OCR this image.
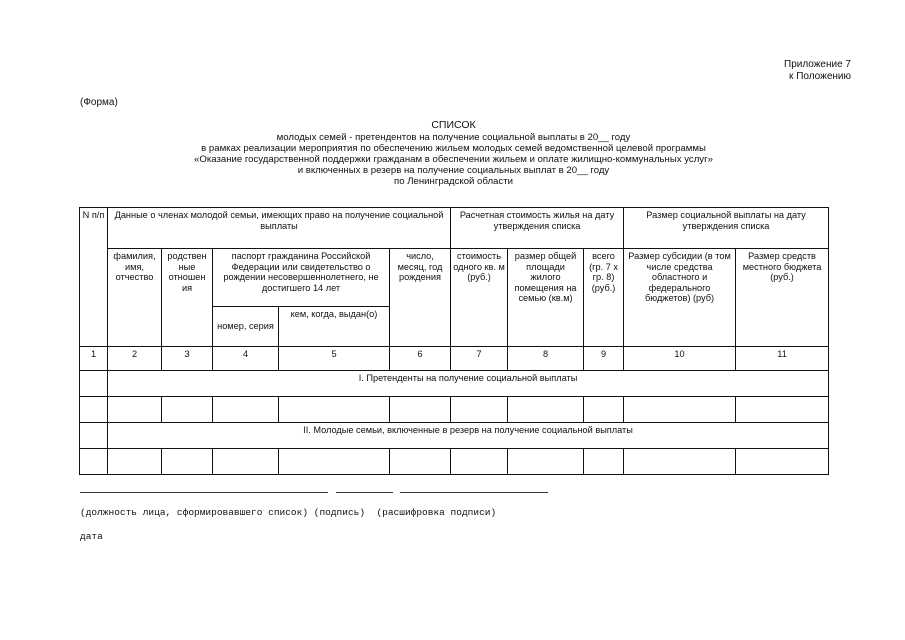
Приложение 7
к Положению
(Форма)
СПИСОК
молодых семей - претендентов на получение социальной выплаты в 20__ году
в рамках реализации мероприятия по обеспечению жильем молодых семей ведомственной целевой программы
«Оказание государственной поддержки гражданам в обеспечении жильем и оплате жилищно-коммунальных услуг»
и включенных в резерв на получение социальных выплат в 20__ году
по Ленинградской области
N п/п	Данные о членах молодой семьи, имеющих право на получение социальной выплаты					Расчетная стоимость жилья на дату утверждения списка			Размер социальной выплаты на дату утверждения списка	
	фамилия, имя, отчество	родствен ные отношен ия	паспорт гражданина Российской Федерации или свидетельство о рождении несовершеннолетнего, не достигшего 14 лет		число, месяц, год рождения	стоимость одного кв. м (руб.)	размер общей площади жилого помещения на семью (кв.м)	всего (гр. 7 х гр. 8) (руб.)	Размер субсидии (в том числе средства областного и федерального бюджетов) (руб)	Размер средств местного бюджета (руб.)
			номер, серия	кем, когда, выдан(о)						
1	2	3	4	5	6	7	8	9	10	11
	I. Претенденты на получение социальной выплаты									

	II. Молодые семьи, включенные в резерв на получение социальной выплаты									

(должность лица, сформировавшего список) (подпись)  (расшифровка подписи)
дата
